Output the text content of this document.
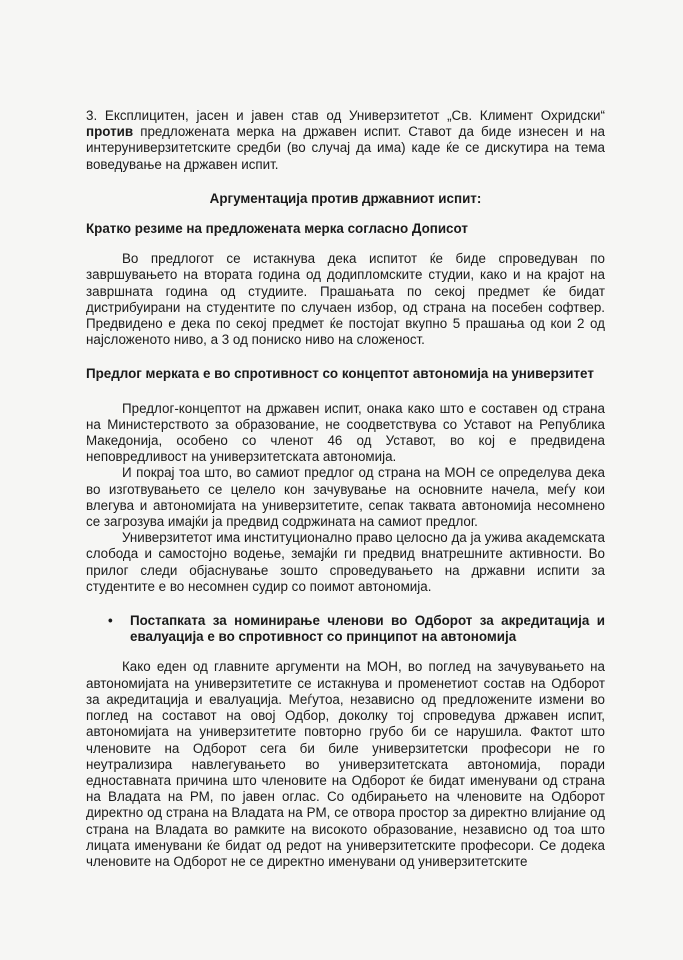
3. Експлицитен, јасен и јавен став од Универзитетот „Св. Климент Охридски“ против предложената мерка на државен испит. Ставот да биде изнесен и на интеруниверзитетските средби (во случај да има) каде ќе се дискутира на тема воведување на државен испит.

Аргументација против државниот испит:

Кратко резиме на предложената мерка согласно Дописот

Во предлогот се истакнува дека испитот ќе биде спроведуван по завршувањето на втората година од додипломските студии, како и на крајот на завршната година од студиите. Прашањата по секој предмет ќе бидат дистрибуирани на студентите по случаен избор, од страна на посебен софтвер. Предвидено е дека по секој предмет ќе постојат вкупно 5 прашања од кои 2 од најсложеното ниво, а 3 од пониско ниво на сложеност.

Предлог мерката е во спротивност со концептот автономија на универзитет

Предлог-концептот на државен испит, онака како што е составен од страна на Министерството за образование, не соодветствува со Уставот на Република Македонија, особено со членот 46 од Уставот, во кој е предвидена неповредливост на универзитетската автономија.

И покрај тоа што, во самиот предлог од страна на МОН се определува дека во изготвувањето се целело кон зачувување на основните начела, меѓу кои влегува и автономијата на универзитетите, сепак таквата автономија несомнено се загрозува имајќи ја предвид содржината на самиот предлог.

Универзитетот има институционално право целосно да ја ужива академската слобода и самостојно водење, земајќи ги предвид внатрешните активности. Во прилог следи објаснување зошто спроведувањето на државни испити за студентите е во несомнен судир со поимот автономија.

•	Постапката за номинирање членови во Одборот за акредитација и евалуација е во спротивност со принципот на автономија

Како еден од главните аргументи на МОН, во поглед на зачувувањето на автономијата на универзитетите се истакнува и променетиот состав на Одборот за акредитација и евалуација. Меѓутоа, независно од предложените измени во поглед на составот на овој Одбор, доколку тој спроведува државен испит, автономијата на универзитетите повторно грубо би се нарушила. Фактот што членовите на Одборот сега би биле универзитетски професори не го неутрализира навлегувањето во универзитетската автономија, поради едноставната причина што членовите на Одборот ќе бидат именувани од страна на Владата на РМ, по јавен оглас. Со одбирањето на членовите на Одборот директно од страна на Владата на РМ, се отвора простор за директно влијание од страна на Владата во рамките на високото образование, независно од тоа што лицата именувани ќе бидат од редот на универзитетските професори. Се додека членовите на Одборот не се директно именувани од универзитетските
